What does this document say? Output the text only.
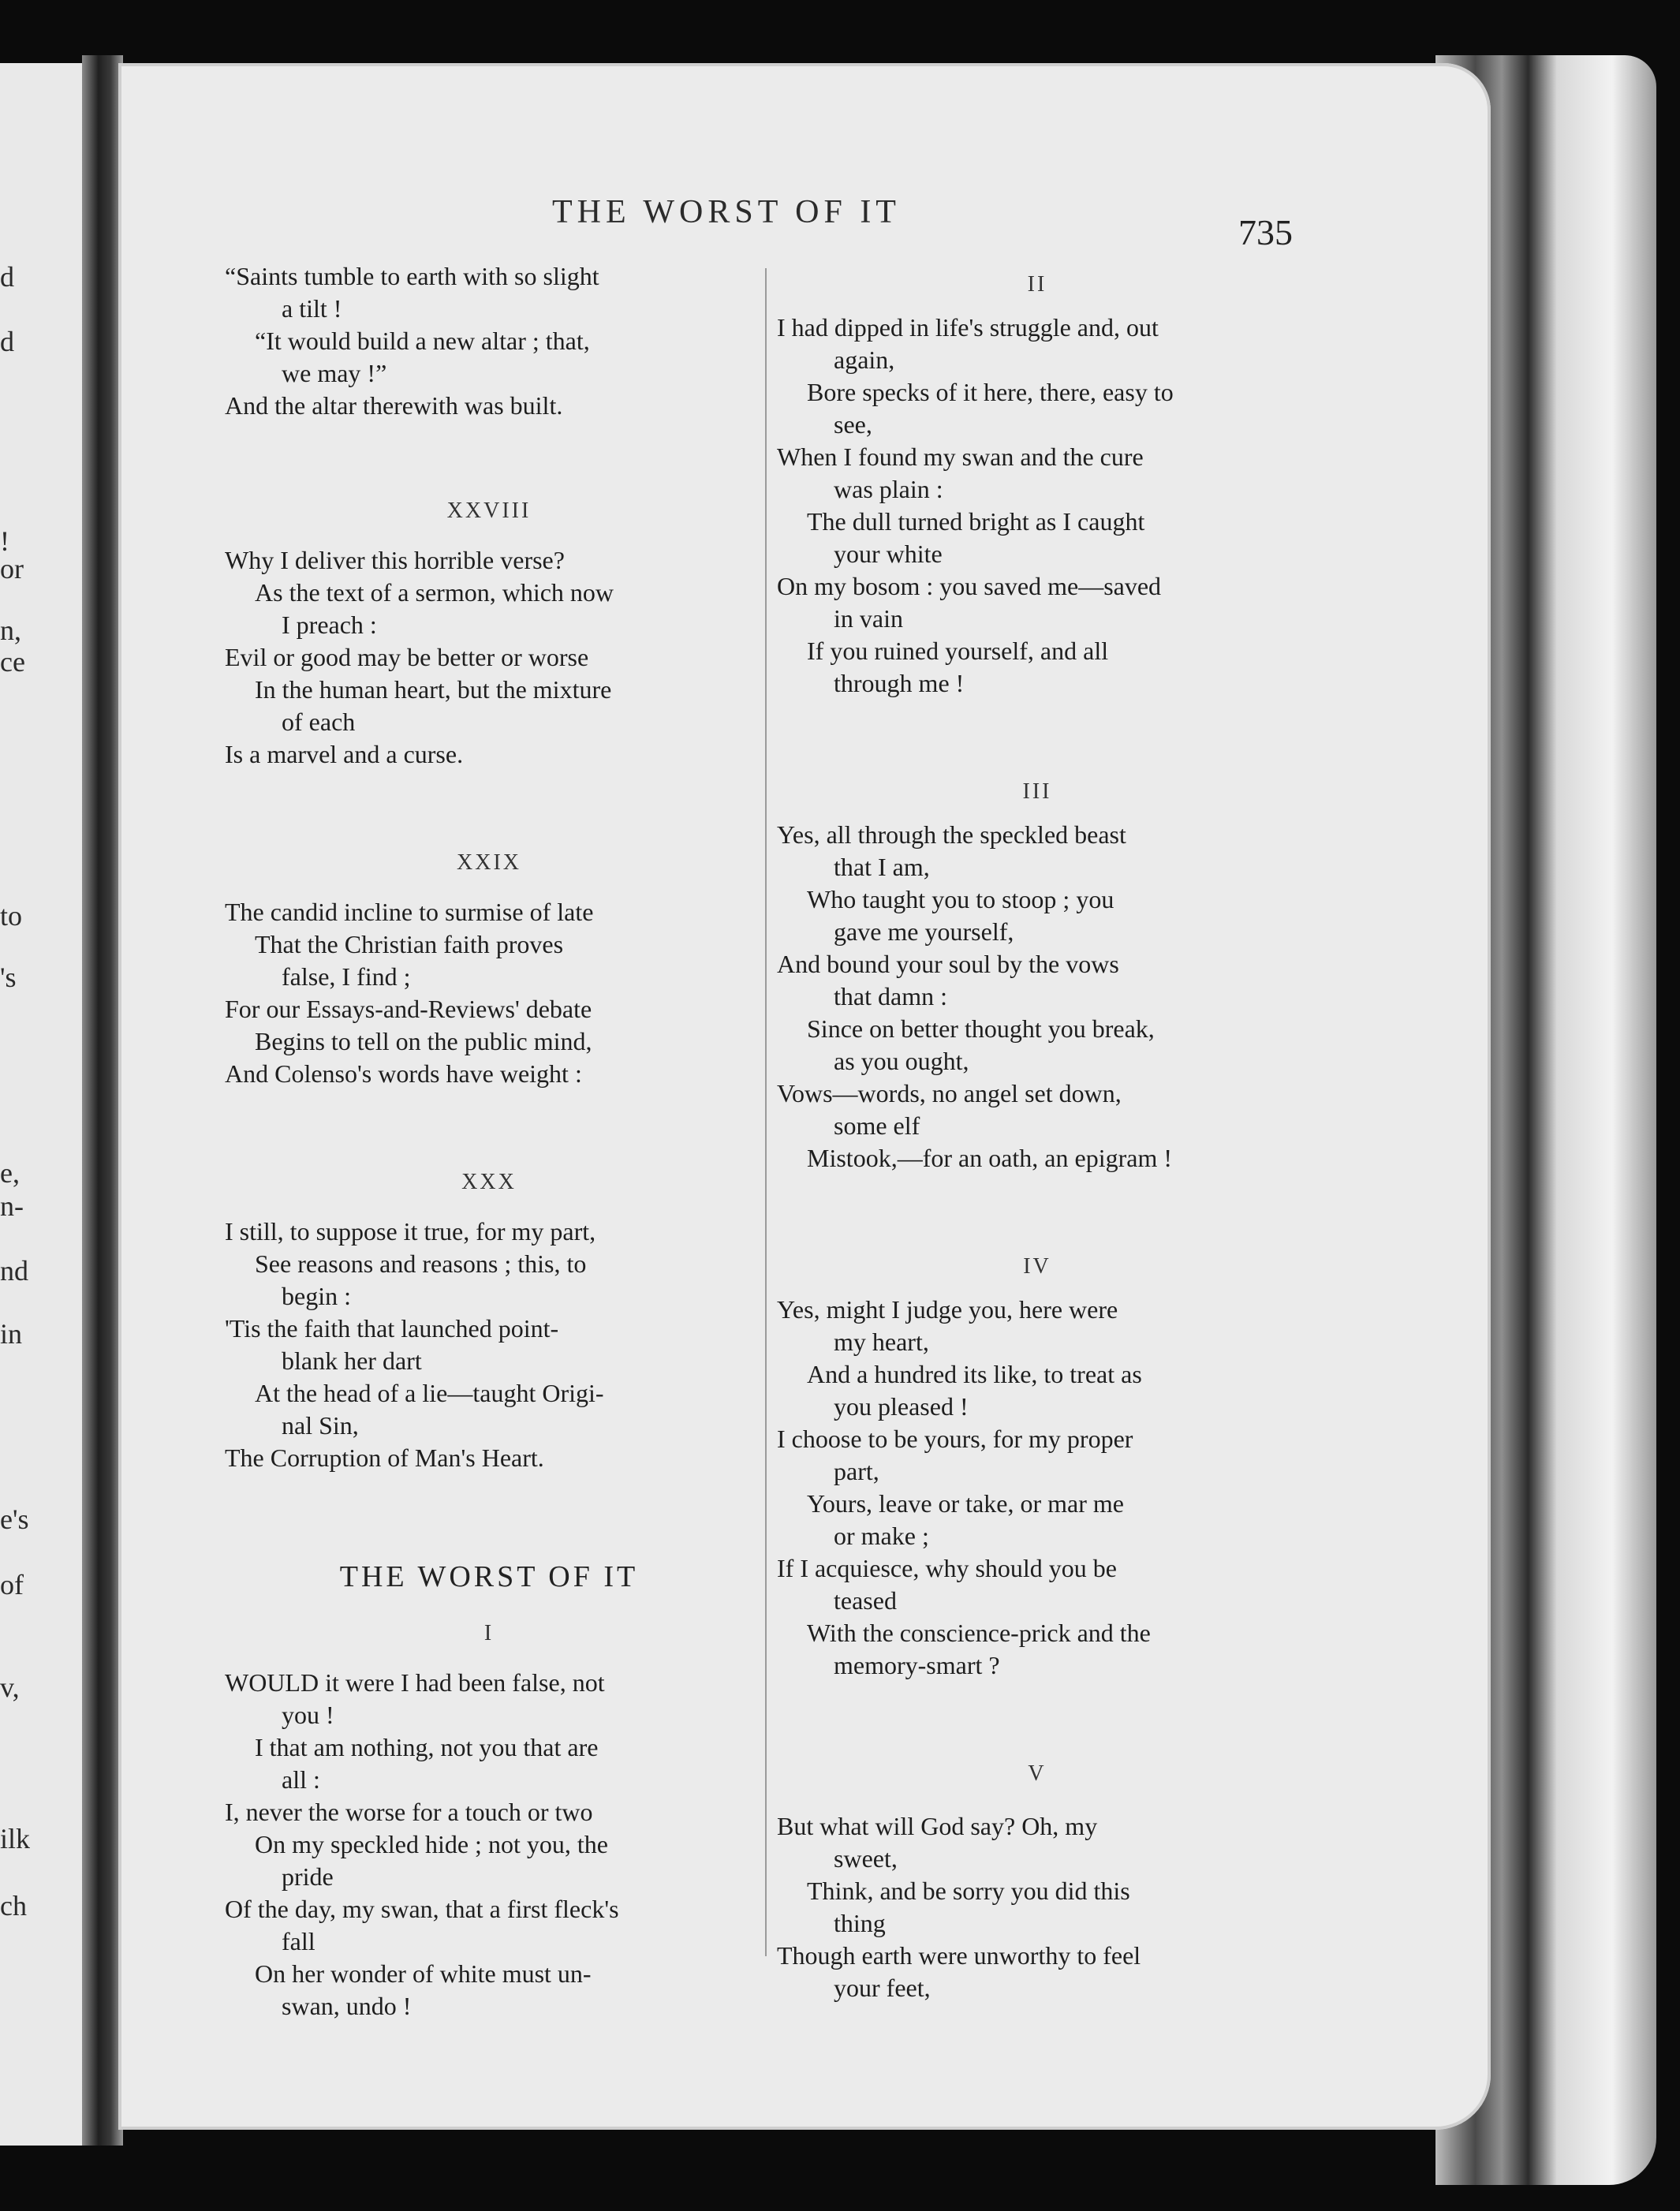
d
d
!
or
n,
ce
to
's
e,
n-
nd
in
e's
of
v,
ilk
ch
THE WORST OF IT	735
“Saints tumble to earth with so slight
a tilt !
“It would build a new altar ; that,
we may !”
And the altar therewith was built.
XXVIII
Why I deliver this horrible verse?
As the text of a sermon, which now
I preach :
Evil or good may be better or worse
In the human heart, but the mixture
of each
Is a marvel and a curse.
XXIX
The candid incline to surmise of late
That the Christian faith proves
false, I find ;
For our Essays-and-Reviews' debate
Begins to tell on the public mind,
And Colenso's words have weight :
XXX
I still, to suppose it true, for my part,
See reasons and reasons ; this, to
begin :
'Tis the faith that launched point-
blank her dart
At the head of a lie—taught Origi-
nal Sin,
The Corruption of Man's Heart.
THE WORST OF IT
I
WOULD it were I had been false, not
you !
I that am nothing, not you that are
all :
I, never the worse for a touch or two
On my speckled hide ; not you, the
pride
Of the day, my swan, that a first fleck's
fall
On her wonder of white must un-
swan, undo !
II
I had dipped in life's struggle and, out
again,
Bore specks of it here, there, easy to
see,
When I found my swan and the cure
was plain :
The dull turned bright as I caught
your white
On my bosom : you saved me—saved
in vain
If you ruined yourself, and all
through me !
III
Yes, all through the speckled beast
that I am,
Who taught you to stoop ; you
gave me yourself,
And bound your soul by the vows
that damn :
Since on better thought you break,
as you ought,
Vows—words, no angel set down,
some elf
Mistook,—for an oath, an epigram !
IV
Yes, might I judge you, here were
my heart,
And a hundred its like, to treat as
you pleased !
I choose to be yours, for my proper
part,
Yours, leave or take, or mar me
or make ;
If I acquiesce, why should you be
teased
With the conscience-prick and the
memory-smart ?
V
But what will God say? Oh, my
sweet,
Think, and be sorry you did this
thing
Though earth were unworthy to feel
your feet,
